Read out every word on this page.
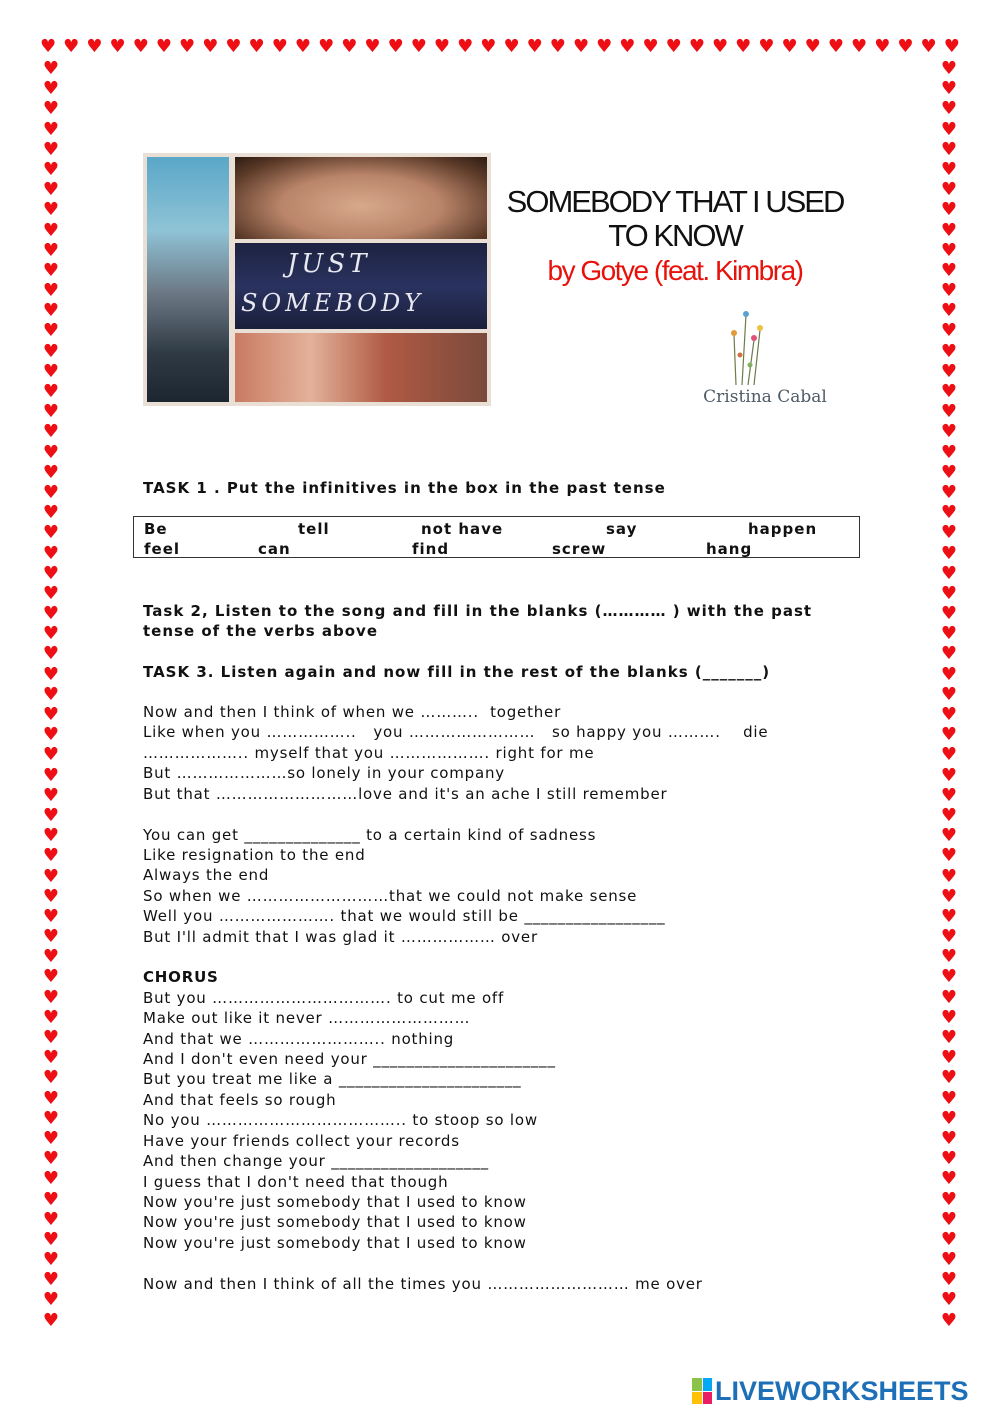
♥ ♥ ♥ ♥ ♥ ♥ ♥ ♥ ♥ ♥ ♥ ♥ ♥ ♥ ♥ ♥ ♥ ♥ ♥ ♥ ♥ ♥ ♥ ♥ ♥ ♥ ♥ ♥ ♥ ♥ ♥ ♥ ♥ ♥ ♥ ♥ ♥ ♥ ♥ ♥
♥
♥
♥
♥
♥
♥
♥
♥
♥
♥
♥
♥
♥
♥
♥
♥
♥
♥
♥
♥
♥
♥
♥
♥
♥
♥
♥
♥
♥
♥
♥
♥
♥
♥
♥
♥
♥
♥
♥
♥
♥
♥
♥
♥
♥
♥
♥
♥
♥
♥
♥
♥
♥
♥
♥
♥
♥
♥
♥
♥
♥
♥
♥
♥
♥
♥
♥
♥
♥
♥
♥
♥
♥
♥
♥
♥
♥
♥
♥
♥
♥
♥
♥
♥
♥
♥
♥
♥
♥
♥
♥
♥
♥
♥
♥
♥
♥
♥
♥
♥
♥
♥
♥
♥
♥
♥
♥
♥
♥
♥
♥
♥
♥
♥
♥
♥
♥
♥
♥
♥
♥
♥
♥
♥
♥
♥
JUST
SOMEBODY
SOMEBODY THAT I USED TO KNOW
by Gotye (feat. Kimbra)
Cristina Cabal
TASK 1 . Put the infinitives in the box in the past tense
Be	tell	not have	say	happen
feel	can	find	screw	hang
Task 2, Listen to the song and fill in the blanks (………… ) with the past
tense of the verbs above
TASK 3. Listen again and now fill in the rest of the blanks (_______)
Now and then I think of when we ………..  together
Like when you ……………..   you ……………………   so happy you ……….    die
……………….. myself that you ………………. right for me
But …………………so lonely in your company
But that ………………………love and it's an ache I still remember
You can get ______________ to a certain kind of sadness
Like resignation to the end
Always the end
So when we ………………………that we could not make sense
Well you …………………. that we would still be _________________
But I'll admit that I was glad it ……………… over
CHORUS
But you ……………………………. to cut me off
Make out like it never ………………………
And that we …………………….. nothing
And I don't even need your ______________________
But you treat me like a ______________________
And that feels so rough
No you ……………………………….. to stoop so low
Have your friends collect your records
And then change your ___________________
I guess that I don't need that though
Now you're just somebody that I used to know
Now you're just somebody that I used to know
Now you're just somebody that I used to know
Now and then I think of all the times you ……………………… me over
LIVEWORKSHEETS
